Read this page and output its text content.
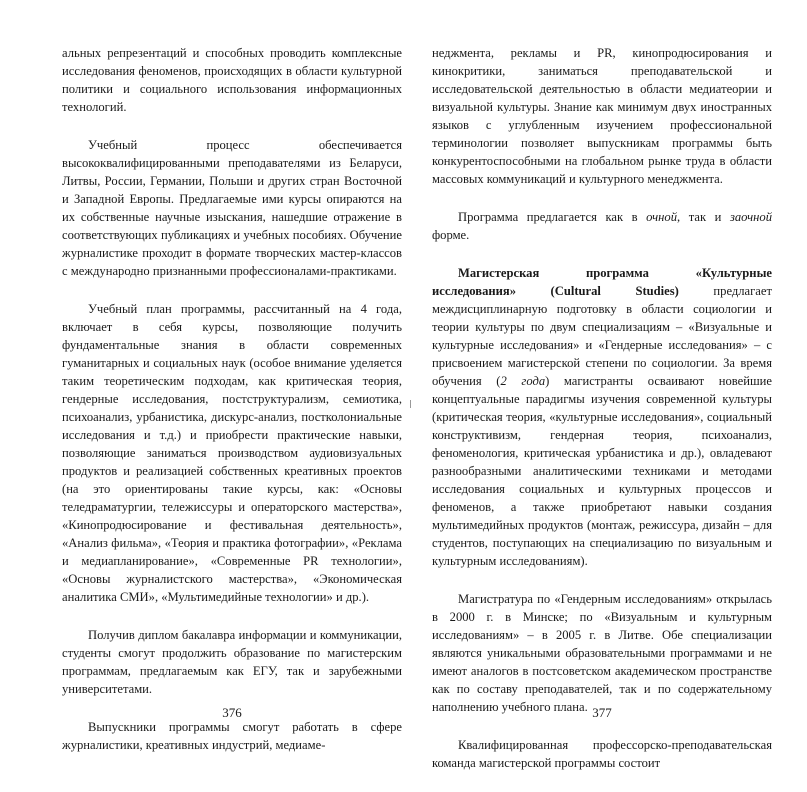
альных репрезентаций и способных проводить комплексные исследования феноменов, происходящих в области культурной политики и социального использования информационных технологий.

Учебный процесс обеспечивается высококвалифицированными преподавателями из Беларуси, Литвы, России, Германии, Польши и других стран Восточной и Западной Европы. Предлагаемые ими курсы опираются на их собственные научные изыскания, нашедшие отражение в соответствующих публикациях и учебных пособиях. Обучение журналистике проходит в формате творческих мастер-классов с международно признанными профессионалами-практиками.

Учебный план программы, рассчитанный на 4 года, включает в себя курсы, позволяющие получить фундаментальные знания в области современных гуманитарных и социальных наук (особое внимание уделяется таким теоретическим подходам, как критическая теория, гендерные исследования, постструктурализм, семиотика, психоанализ, урбанистика, дискурс-анализ, постколониальные исследования и т.д.) и приобрести практические навыки, позволяющие заниматься производством аудиовизуальных продуктов и реализацией собственных креативных проектов (на это ориентированы такие курсы, как: «Основы теледраматургии, тележиссуры и операторского мастерства», «Кинопродюсирование и фестивальная деятельность», «Анализ фильма», «Теория и практика фотографии», «Реклама и медиапланирование», «Современные PR технологии», «Основы журналистского мастерства», «Экономическая аналитика СМИ», «Мультимедийные технологии» и др.).

Получив диплом бакалавра информации и коммуникации, студенты смогут продолжить образование по магистерским программам, предлагаемым как ЕГУ, так и зарубежными университетами.

Выпускники программы смогут работать в сфере журналистики, креативных индустрий, медиаме-

376

неджмента, рекламы и PR, кинопродюсирования и кинокритики, заниматься преподавательской и исследовательской деятельностью в области медиатеории и визуальной культуры. Знание как минимум двух иностранных языков с углубленным изучением профессиональной терминологии позволяет выпускникам программы быть конкурентоспособными на глобальном рынке труда в области массовых коммуникаций и культурного менеджмента.

Программа предлагается как в очной, так и заочной форме.

Магистерская программа «Культурные исследования» (Cultural Studies) предлагает междисциплинарную подготовку в области социологии и теории культуры по двум специализациям – «Визуальные и культурные исследования» и «Гендерные исследования» – с присвоением магистерской степени по социологии. За время обучения (2 года) магистранты осваивают новейшие концептуальные парадигмы изучения современной культуры (критическая теория, «культурные исследования», социальный конструктивизм, гендерная теория, психоанализ, феноменология, критическая урбанистика и др.), овладевают разнообразными аналитическими техниками и методами исследования социальных и культурных процессов и феноменов, а также приобретают навыки создания мультимедийных продуктов (монтаж, режиссура, дизайн – для студентов, поступающих на специализацию по визуальным и культурным исследованиям).

Магистратура по «Гендерным исследованиям» открылась в 2000 г. в Минске; по «Визуальным и культурным исследованиям» – в 2005 г. в Литве. Обе специализации являются уникальными образовательными программами и не имеют аналогов в постсоветском академическом пространстве как по составу преподавателей, так и по содержательному наполнению учебного плана.

Квалифицированная профессорско-преподавательская команда магистерской программы состоит

377
